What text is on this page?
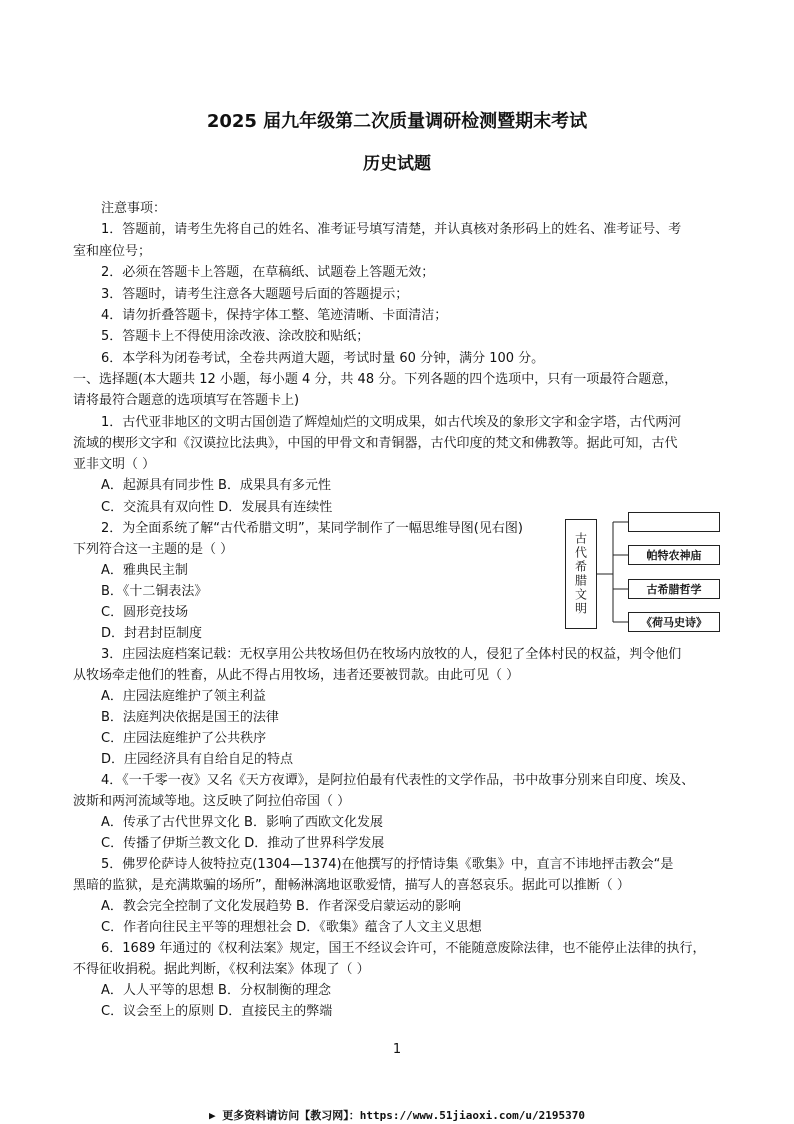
2025 届九年级第二次质量调研检测暨期末考试
历史试题
注意事项：
1．答题前，请考生先将自己的姓名、准考证号填写清楚，并认真核对条形码上的姓名、准考证号、考
室和座位号；
2．必须在答题卡上答题，在草稿纸、试题卷上答题无效；
3．答题时，请考生注意各大题题号后面的答题提示；
4．请勿折叠答题卡，保持字体工整、笔迹清晰、卡面清洁；
5．答题卡上不得使用涂改液、涂改胶和贴纸；
6．本学科为闭卷考试，全卷共两道大题，考试时量 60 分钟，满分 100 分。
一、选择题(本大题共 12 小题，每小题 4 分，共 48 分。下列各题的四个选项中，只有一项最符合题意，
请将最符合题意的选项填写在答题卡上)
1．古代亚非地区的文明古国创造了辉煌灿烂的文明成果，如古代埃及的象形文字和金字塔，古代两河
流域的楔形文字和《汉谟拉比法典》，中国的甲骨文和青铜器，古代印度的梵文和佛教等。据此可知，古代
亚非文明（ ）
A．起源具有同步性 B．成果具有多元性
C．交流具有双向性 D．发展具有连续性
2．为全面系统了解“古代希腊文明”，某同学制作了一幅思维导图(见右图)
下列符合这一主题的是（ ）
A．雅典民主制
B．《十二铜表法》
C．圆形竞技场
D．封君封臣制度
古代希腊文明	帕特农神庙
古希腊哲学
《荷马史诗》
3．庄园法庭档案记载：无权享用公共牧场但仍在牧场内放牧的人，侵犯了全体村民的权益，判令他们
从牧场牵走他们的牲畜，从此不得占用牧场，违者还要被罚款。由此可见（ ）
A．庄园法庭维护了领主利益
B．法庭判决依据是国王的法律
C．庄园法庭维护了公共秩序
D．庄园经济具有自给自足的特点
4．《一千零一夜》又名《天方夜谭》，是阿拉伯最有代表性的文学作品，书中故事分别来自印度、埃及、
波斯和两河流域等地。这反映了阿拉伯帝国（ ）
A．传承了古代世界文化 B．影响了西欧文化发展
C．传播了伊斯兰教文化 D．推动了世界科学发展
5．佛罗伦萨诗人彼特拉克(1304—1374)在他撰写的抒情诗集《歌集》中，直言不讳地抨击教会“是
黑暗的监狱，是充满欺骗的场所”，酣畅淋漓地讴歌爱情，描写人的喜怒哀乐。据此可以推断（ ）
A．教会完全控制了文化发展趋势 B．作者深受启蒙运动的影响
C．作者向往民主平等的理想社会 D．《歌集》蕴含了人文主义思想
6．1689 年通过的《权利法案》规定，国王不经议会许可，不能随意废除法律，也不能停止法律的执行，
不得征收捐税。据此判断，《权利法案》体现了（ ）
A．人人平等的思想 B．分权制衡的理念
C．议会至上的原则 D．直接民主的弊端
1
▶ 更多资料请访问【教习网】：https://www.51jiaoxi.com/u/2195370
